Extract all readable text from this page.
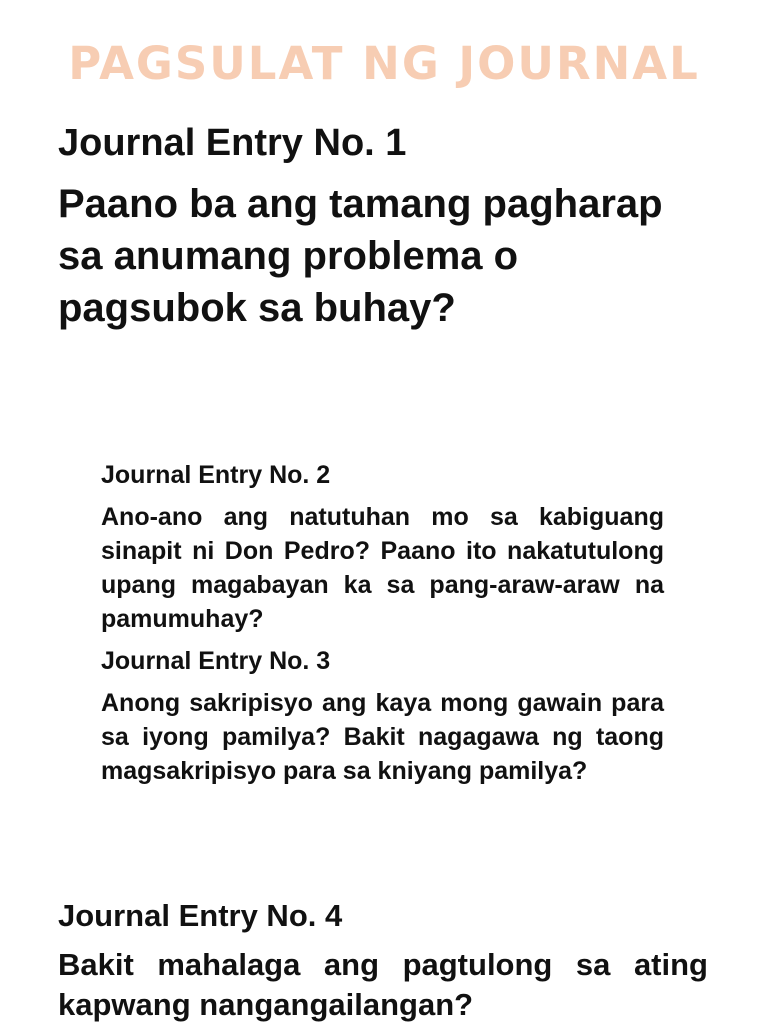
PAGSULAT NG JOURNAL
Journal Entry No. 1
Paano ba ang tamang pagharap sa anumang problema o pagsubok sa buhay?
Journal Entry No. 2
Ano-ano ang natutuhan mo sa kabiguang sinapit ni Don Pedro? Paano ito nakatutulong upang magabayan ka sa pang-araw-araw na pamumuhay?
Journal Entry No. 3
Anong sakripisyo ang kaya mong gawain para sa iyong pamilya? Bakit nagagawa ng taong magsakripisyo para sa kniyang pamilya?
Journal Entry No. 4
Bakit mahalaga ang pagtulong sa ating kapwang nangangailangan?
